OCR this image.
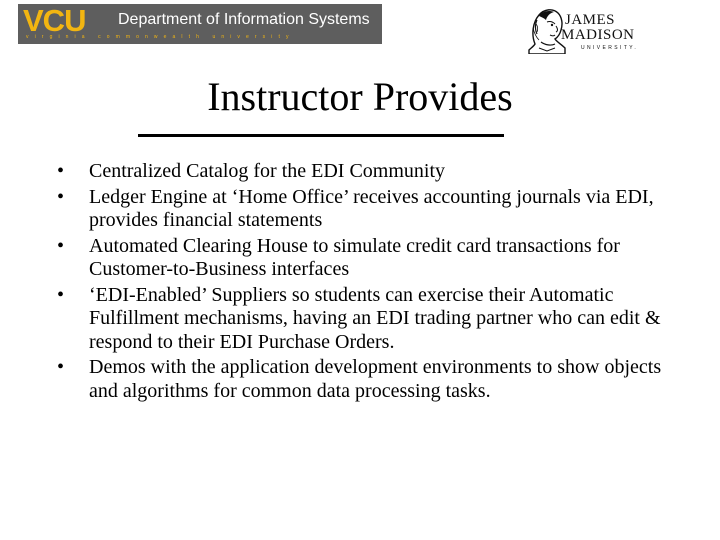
VCU Department of Information Systems
virginia commonwealth university
JAMES
MADISON
UNIVERSITY.
Instructor Provides
•	Centralized Catalog for the EDI Community
•	Ledger Engine at ‘Home Office’ receives accounting journals via EDI, provides financial statements
•	Automated Clearing House to simulate credit card transactions for Customer-to-Business interfaces
•	‘EDI-Enabled’ Suppliers so students can exercise their Automatic Fulfillment mechanisms, having an EDI trading partner who can edit & respond to their EDI Purchase Orders.
•	Demos with the application development environments to show objects and algorithms for common data processing tasks.
